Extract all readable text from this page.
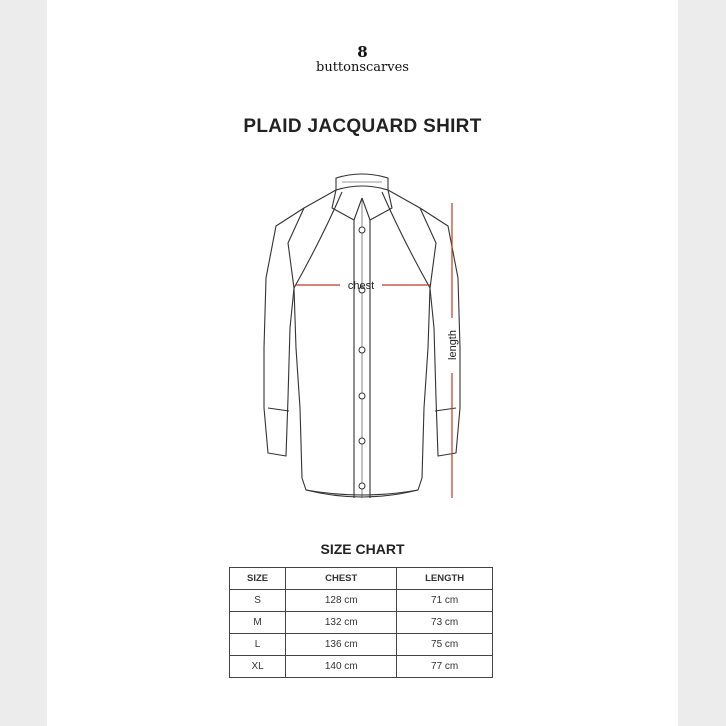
8
buttonscarves
PLAID JACQUARD SHIRT
chest
length
SIZE CHART
SIZE	CHEST	LENGTH
S	128 cm	71 cm
M	132 cm	73 cm
L	136 cm	75 cm
XL	140 cm	77 cm
